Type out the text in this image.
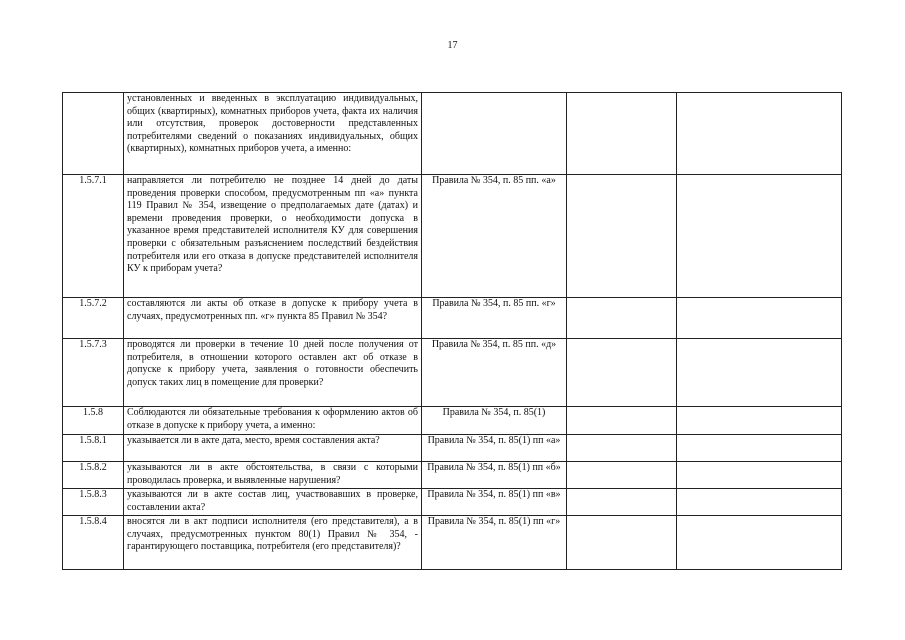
17
	установленных и введенных в эксплуатацию индивидуальных, общих (квартирных), комнатных приборов учета, факта их наличия или отсутствия, проверок достоверности представленных потребителями сведений о показаниях индивидуальных, общих (квартирных), комнатных приборов учета, а именно:			
1.5.7.1	направляется ли потребителю не позднее 14 дней до даты проведения проверки способом, предусмотренным пп «а» пункта 119 Правил № 354, извещение о предполагаемых дате (датах) и времени проведения проверки, о необходимости допуска в указанное время представителей исполнителя КУ для совершения проверки с обязательным разъяснением последствий бездействия потребителя или его отказа в допуске представителей исполнителя КУ к приборам учета?	Правила № 354, п. 85 пп. «а»		
1.5.7.2	составляются ли акты об отказе в допуске к прибору учета в случаях, предусмотренных пп. «г» пункта 85 Правил № 354?	Правила № 354, п. 85 пп. «г»		
1.5.7.3	проводятся ли проверки в течение 10 дней после получения от потребителя, в отношении которого оставлен акт об отказе в допуске к прибору учета, заявления о готовности обеспечить допуск таких лиц в помещение для проверки?	Правила № 354, п. 85 пп. «д»		
1.5.8	Соблюдаются ли обязательные требования к оформлению актов об отказе в допуске к прибору учета, а именно:	Правила № 354, п. 85(1)		
1.5.8.1	указывается ли в акте дата, место, время составления акта?	Правила № 354, п. 85(1) пп «а»		
1.5.8.2	указываются ли в акте обстоятельства, в связи с которыми проводилась проверка, и выявленные нарушения?	Правила № 354, п. 85(1) пп «б»		
1.5.8.3	указываются ли в акте состав лиц, участвовавших в проверке, составлении акта?	Правила № 354, п. 85(1) пп «в»		
1.5.8.4	вносятся ли в акт подписи исполнителя (его представителя), а в случаях, предусмотренных пунктом 80(1) Правил № 354, - гарантирующего поставщика, потребителя (его представителя)?	Правила № 354, п. 85(1) пп «г»		
